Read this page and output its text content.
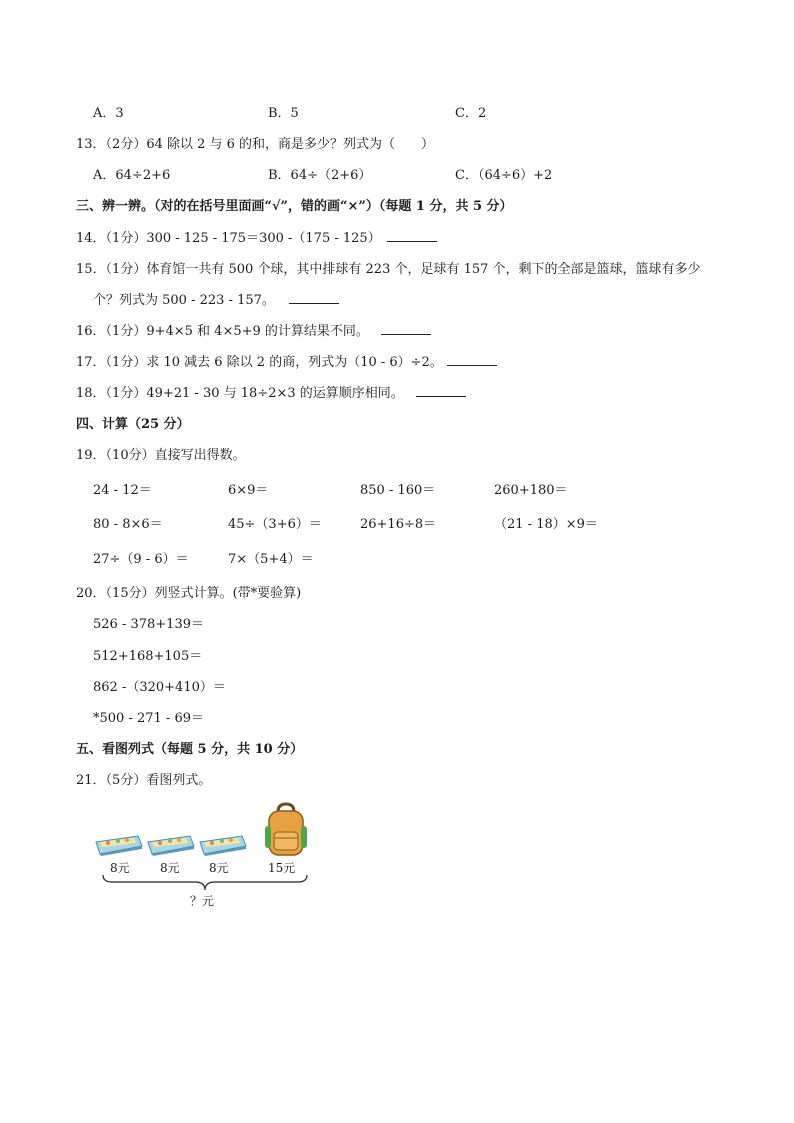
A．3	B．5	C．2
13．（2分）64 除以 2 与 6 的和，商是多少？列式为（　　）
A．64÷2+6	B．64÷（2+6）	C．（64÷6）+2
三、辨一辨。（对的在括号里面画“√”，错的画“×”）（每题 1 分，共 5 分）
14．（1分）300 - 125 - 175＝300 -（175 - 125）
15．（1分）体育馆一共有 500 个球，其中排球有 223 个，足球有 157 个，剩下的全部是篮球，篮球有多少
个？列式为 500 - 223 - 157。
16．（1分）9+4×5 和 4×5+9 的计算结果不同。
17．（1分）求 10 减去 6 除以 2 的商，列式为（10 - 6）÷2。
18．（1分）49+21 - 30 与 18÷2×3 的运算顺序相同。
四、计算（25 分）
19．（10分）直接写出得数。
24 - 12＝	6×9＝	850 - 160＝	260+180＝
80 - 8×6＝	45÷（3+6）＝	26+16÷8＝	（21 - 18）×9＝
27÷（9 - 6）＝	7×（5+4）＝
20．（15分）列竖式计算。(带*要验算)
526 - 378+139＝
512+168+105＝
862 -（320+410）＝
*500 - 271 - 69＝
五、看图列式（每题 5 分，共 10 分）
21．（5分）看图列式。
8元	8元 8元	15元
？元
